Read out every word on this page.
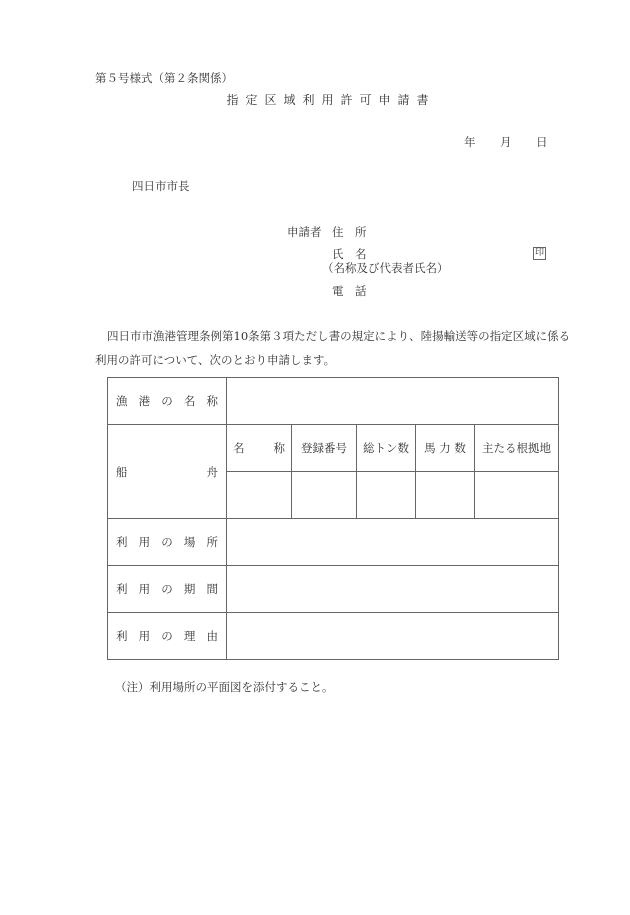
第５号様式（第２条関係）
指定区域利用許可申請書
年 月 日
四日市市長
申請者 住　所
氏　名
（名称及び代表者氏名）
印
電　話
四日市市漁港管理条例第10条第３項ただし書の規定により、陸揚輸送等の指定区域に係る利用の許可について、次のとおり申請します。
漁港の名称					

船 舟	名　　称	登録番号	総トン数	馬 力 数	主たる根拠地

利用の場所					
利用の期間					
利用の理由					
（注）利用場所の平面図を添付すること。
